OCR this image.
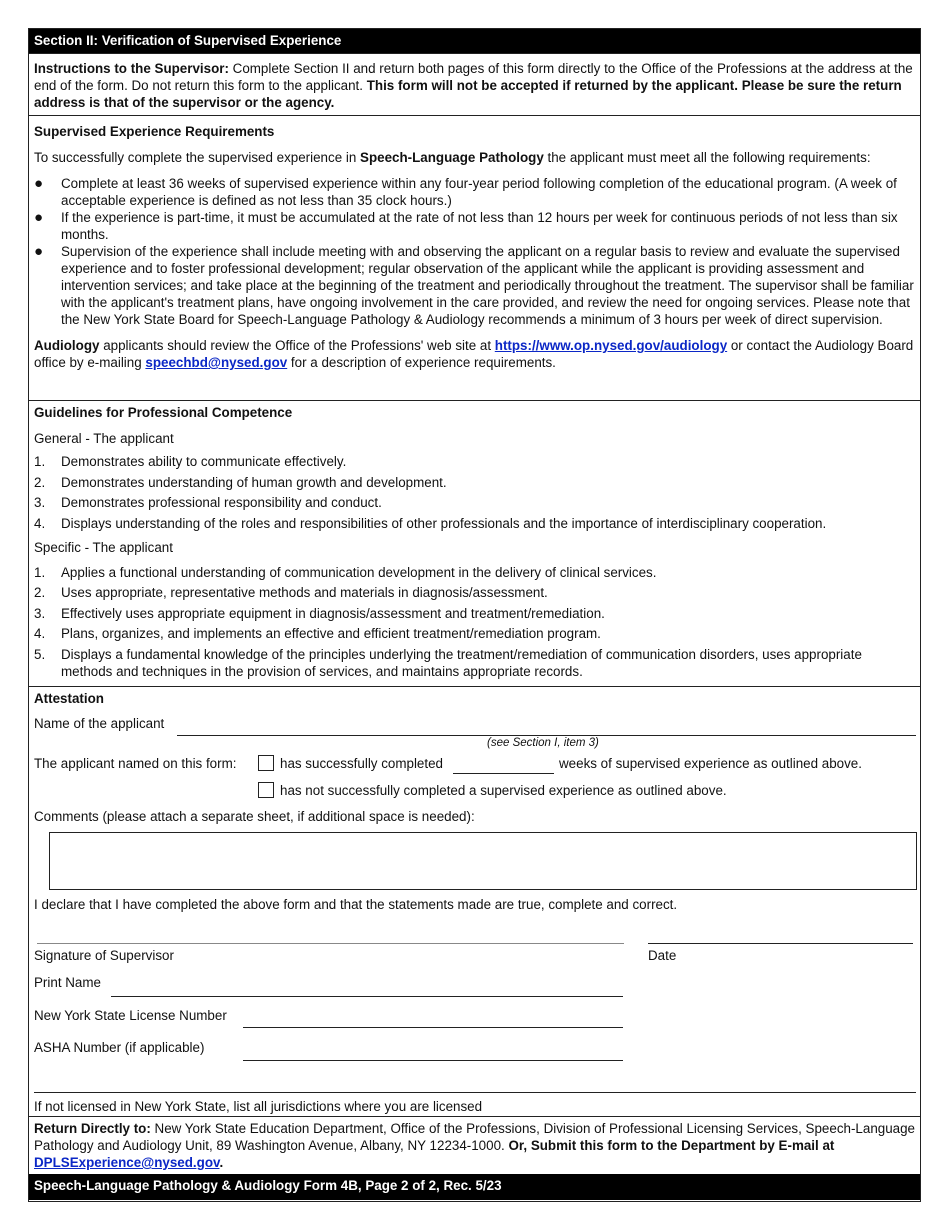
Section II: Verification of Supervised Experience

Instructions to the Supervisor: Complete Section II and return both pages of this form directly to the Office of the Professions at the address at the end of the form. Do not return this form to the applicant. This form will not be accepted if returned by the applicant. Please be sure the return address is that of the supervisor or the agency.

Supervised Experience Requirements

To successfully complete the supervised experience in Speech-Language Pathology the applicant must meet all the following requirements:

●	Complete at least 36 weeks of supervised experience within any four-year period following completion of the educational program. (A week of acceptable experience is defined as not less than 35 clock hours.)
●	If the experience is part-time, it must be accumulated at the rate of not less than 12 hours per week for continuous periods of not less than six months.
●	Supervision of the experience shall include meeting with and observing the applicant on a regular basis to review and evaluate the supervised experience and to foster professional development; regular observation of the applicant while the applicant is providing assessment and intervention services; and take place at the beginning of the treatment and periodically throughout the treatment. The supervisor shall be familiar with the applicant's treatment plans, have ongoing involvement in the care provided, and review the need for ongoing services. Please note that the New York State Board for Speech-Language Pathology & Audiology recommends a minimum of 3 hours per week of direct supervision.

Audiology applicants should review the Office of the Professions' web site at https://www.op.nysed.gov/audiology or contact the Audiology Board office by e-mailing speechbd@nysed.gov for a description of experience requirements.

Guidelines for Professional Competence

General - The applicant

1.	Demonstrates ability to communicate effectively.
2.	Demonstrates understanding of human growth and development.
3.	Demonstrates professional responsibility and conduct.
4.	Displays understanding of the roles and responsibilities of other professionals and the importance of interdisciplinary cooperation.

Specific - The applicant

1.	Applies a functional understanding of communication development in the delivery of clinical services.
2.	Uses appropriate, representative methods and materials in diagnosis/assessment.
3.	Effectively uses appropriate equipment in diagnosis/assessment and treatment/remediation.
4.	Plans, organizes, and implements an effective and efficient treatment/remediation program.
5.	Displays a fundamental knowledge of the principles underlying the treatment/remediation of communication disorders, uses appropriate methods and techniques in the provision of services, and maintains appropriate records.
Attestation
Name of the applicant
(see Section I, item 3)
The applicant named on this form:	has successfully completed	weeks of supervised experience as outlined above.
has not successfully completed a supervised experience as outlined above.
Comments (please attach a separate sheet, if additional space is needed):
I declare that I have completed the above form and that the statements made are true, complete and correct.
Signature of Supervisor	Date
Print Name
New York State License Number
ASHA Number (if applicable)
If not licensed in New York State, list all jurisdictions where you are licensed

Return Directly to: New York State Education Department, Office of the Professions, Division of Professional Licensing Services, Speech-Language Pathology and Audiology Unit, 89 Washington Avenue, Albany, NY 12234-1000. Or, Submit this form to the Department by E-mail at DPLSExperience@nysed.gov.

Speech-Language Pathology & Audiology Form 4B, Page 2 of 2, Rec. 5/23
